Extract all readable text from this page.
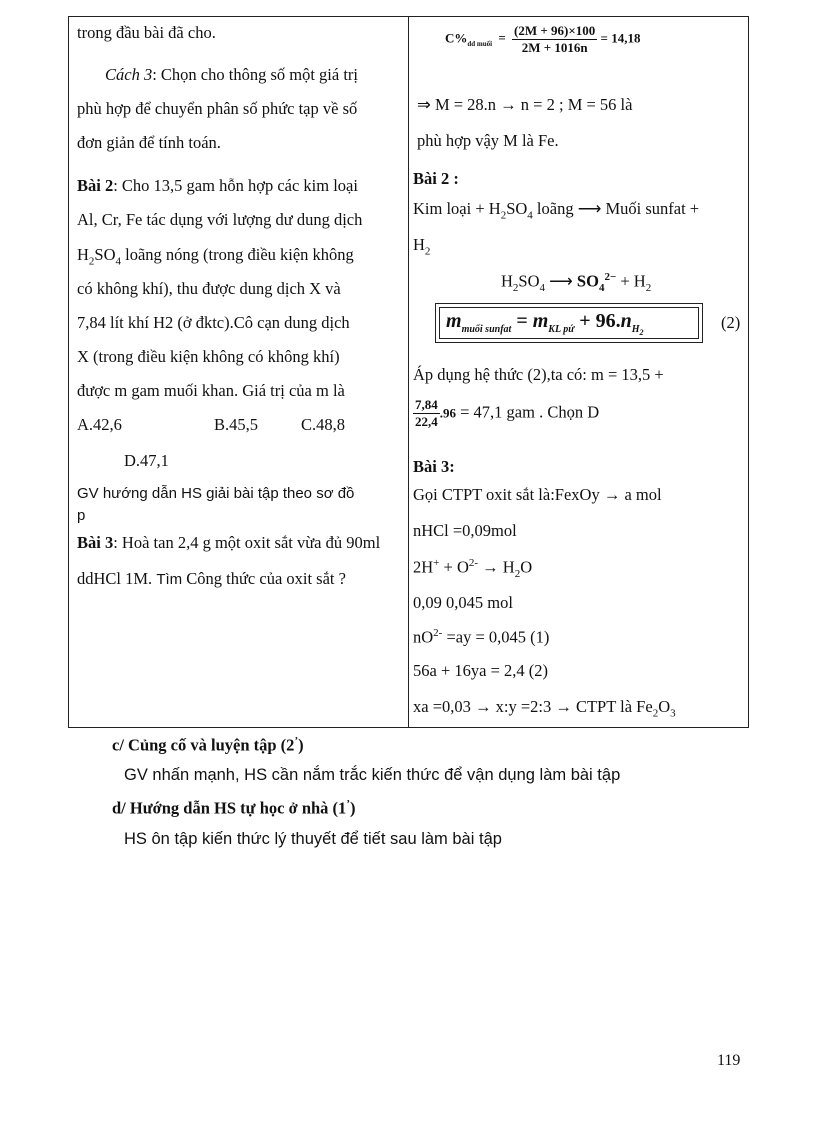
trong đầu bài đã cho.
Cách 3: Chọn cho thông số một giá trị
phù hợp để chuyển phân số phức tạp về số
đơn giản để tính toán.
Bài 2: Cho 13,5 gam hỗn hợp các kim loại
Al, Cr, Fe tác dụng với lượng dư dung dịch
$H_2SO_4$ loãng nóng (trong điều kiện không
có không khí), thu được dung dịch X và
7,84 lít khí H2 (ở đktc).Cô cạn dung dịch
X (trong điều kiện không có không khí)
được m gam muối khan. Giá trị của m là
A.42,6	B.45,5	C.48,8
D.47,1
GV hướng dẫn HS giải bài tập theo sơ đồ
p
Bài 3: Hoà tan 2,4 g một oxit sắt vừa đủ 90ml
ddHCl 1M. Tìm Công thức của oxit sắt ?
$C\%_{dd muối} = \frac{(2M + 96)\times 100}{2M + 1016n} = 14,18$
⇒ M = 28.n → n = 2 ; M = 56 là
phù hợp vậy M là Fe.
Bài 2 :
Kim loại + $H_2SO_4$ loãng ⟶ Muối sunfat +
$H_2$
$H_2SO_4$ ⟶ $SO_4^{2-} + H_2$
$m_{muối sunfat} = m_{KL pứ} + 96.n_{H_2}$
(2)
Áp dụng hệ thức (2),ta có: m = 13,5 +
$\frac{7,84}{22,4} .96 = 47,1$ gam . Chọn D
Bài 3:
Gọi CTPT oxit sắt là:FexOy → a mol
nHCl =0,09mol
$2H^+ + O^{2-} \to H_2O$
0,09 0,045 mol
$nO^{2-} =ay = 0,045$ (1)
56a + 16ya = 2,4 (2)
xa =0,03 → x:y =2:3 → CTPT là $Fe_2O_3$
c/ Củng cố và luyện tập (2’)
GV nhấn mạnh, HS cần nắm trắc kiến thức để vận dụng làm bài tập
d/ Hướng dẫn HS tự học ở nhà (1’)
HS ôn tập kiến thức lý thuyết để tiết sau làm bài tập
119
